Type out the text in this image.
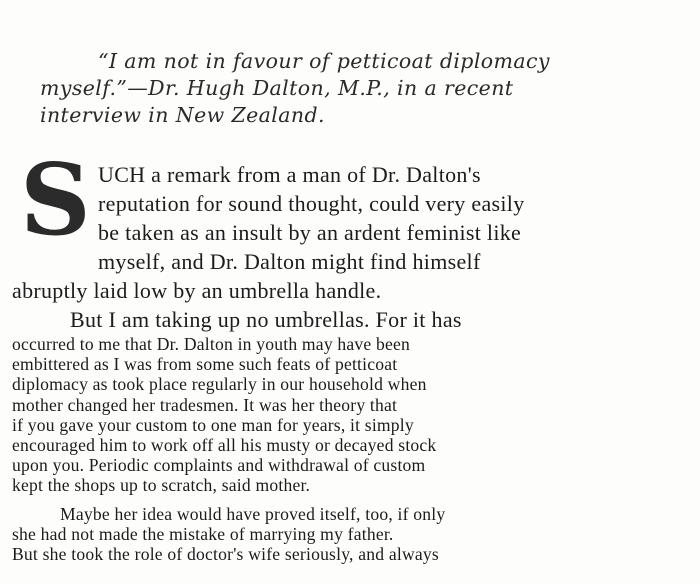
“I am not in favour of petticoat diplomacy
myself.”—Dr. Hugh Dalton, M.P., in a recent
interview in New Zealand.
S UCH a remark from a man of Dr. Dalton's
reputation for sound thought, could very easily
be taken as an insult by an ardent feminist like
myself, and Dr. Dalton might find himself
abruptly laid low by an umbrella handle.
But I am taking up no umbrellas. For it has
occurred to me that Dr. Dalton in youth may have been
embittered as I was from some such feats of petticoat
diplomacy as took place regularly in our household when
mother changed her tradesmen. It was her theory that
if you gave your custom to one man for years, it simply
encouraged him to work off all his musty or decayed stock
upon you. Periodic complaints and withdrawal of custom
kept the shops up to scratch, said mother.
Maybe her idea would have proved itself, too, if only
she had not made the mistake of marrying my father.
But she took the role of doctor's wife seriously, and always
